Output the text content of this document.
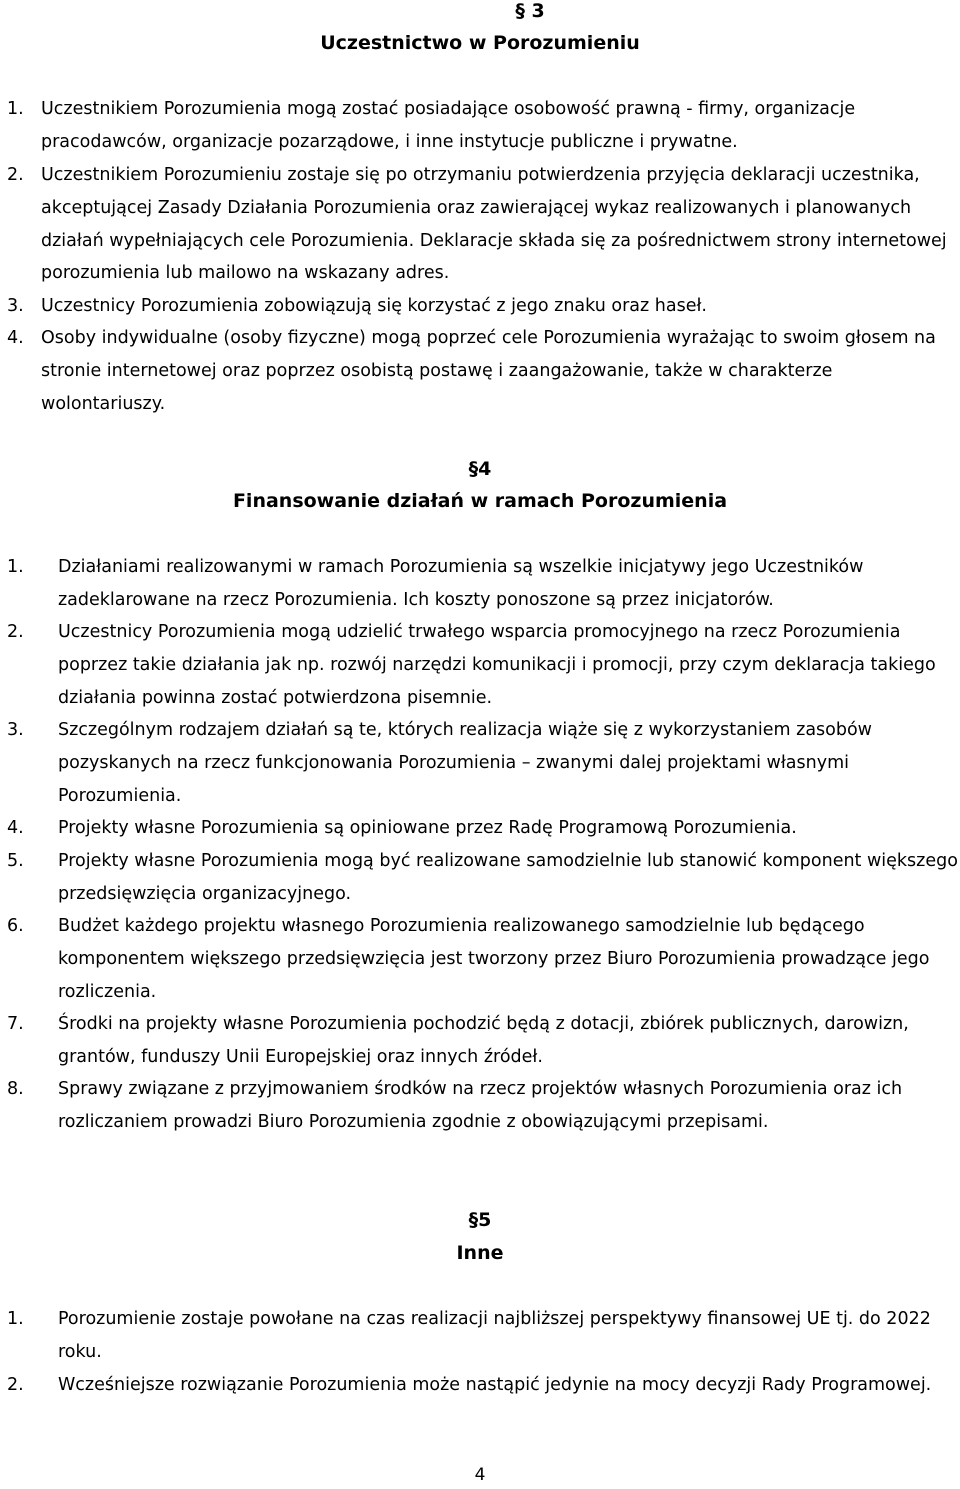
§ 3
Uczestnictwo w Porozumieniu
1. Uczestnikiem Porozumienia mogą zostać posiadające osobowość prawną - firmy, organizacje pracodawców, organizacje pozarządowe, i inne instytucje publiczne i prywatne.
2. Uczestnikiem Porozumieniu zostaje się po otrzymaniu potwierdzenia przyjęcia deklaracji uczestnika, akceptującej Zasady Działania Porozumienia oraz zawierającej wykaz realizowanych i planowanych działań wypełniających cele Porozumienia. Deklaracje składa się za pośrednictwem strony internetowej porozumienia lub mailowo na wskazany adres.
3. Uczestnicy Porozumienia zobowiązują się korzystać z jego znaku oraz haseł.
4. Osoby indywidualne (osoby fizyczne) mogą poprzeć cele Porozumienia wyrażając to swoim głosem na stronie internetowej oraz poprzez osobistą postawę i zaangażowanie, także w charakterze wolontariuszy.
§4
Finansowanie działań w ramach Porozumienia
1.	Działaniami realizowanymi w ramach Porozumienia są wszelkie inicjatywy jego Uczestników zadeklarowane na rzecz Porozumienia. Ich koszty ponoszone są przez inicjatorów.
2.	Uczestnicy Porozumienia mogą udzielić trwałego wsparcia promocyjnego na rzecz Porozumienia poprzez takie działania jak np. rozwój narzędzi komunikacji i promocji, przy czym deklaracja takiego działania powinna zostać potwierdzona pisemnie.
3.	Szczególnym rodzajem działań są te, których realizacja wiąże się z wykorzystaniem zasobów pozyskanych na rzecz funkcjonowania Porozumienia – zwanymi dalej projektami własnymi Porozumienia.
4.	Projekty własne Porozumienia są opiniowane przez Radę Programową Porozumienia.
5.	Projekty własne Porozumienia mogą być realizowane samodzielnie lub stanowić komponent większego przedsięwzięcia organizacyjnego.
6.	Budżet każdego projektu własnego Porozumienia realizowanego samodzielnie lub będącego komponentem większego przedsięwzięcia jest tworzony przez Biuro Porozumienia prowadzące jego rozliczenia.
7.	Środki na projekty własne Porozumienia pochodzić będą z dotacji, zbiórek publicznych, darowizn, grantów, funduszy Unii Europejskiej oraz innych źródeł.
8.	Sprawy związane z przyjmowaniem środków na rzecz projektów własnych Porozumienia oraz ich rozliczaniem prowadzi Biuro Porozumienia zgodnie z obowiązującymi przepisami.
§5
Inne
1.	Porozumienie zostaje powołane na czas realizacji najbliższej perspektywy finansowej UE tj. do 2022 roku.
2.	Wcześniejsze rozwiązanie Porozumienia może nastąpić jedynie na mocy decyzji Rady Programowej.
4
